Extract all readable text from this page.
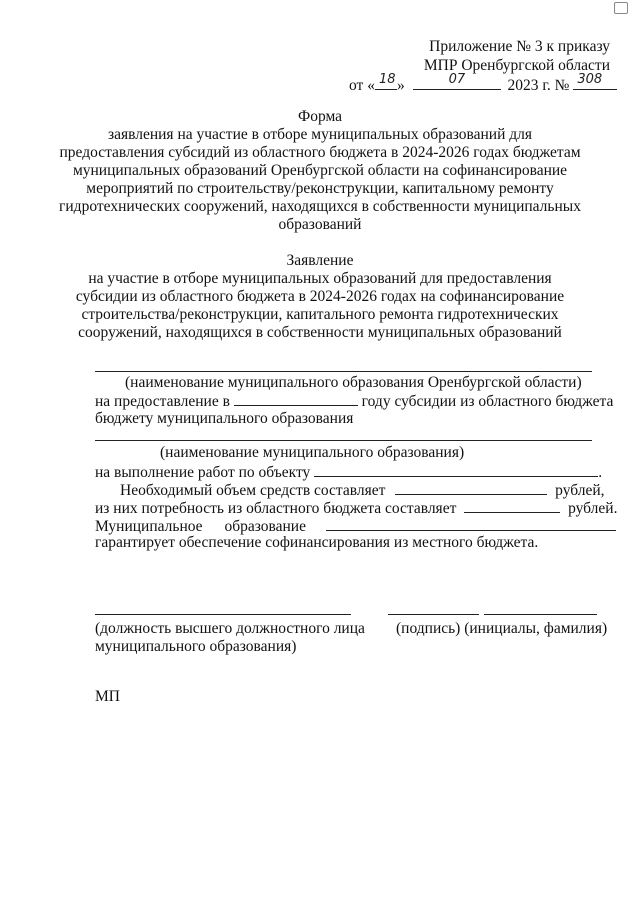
Приложение № 3 к приказу
МПР Оренбургской области
от « 18 »	07	2023 г. № 308
Форма
заявления на участие в отборе муниципальных образований для
предоставления субсидий из областного бюджета в 2024-2026 годах бюджетам
муниципальных образований Оренбургской области на софинансирование
мероприятий по строительству/реконструкции, капитальному ремонту
гидротехнических сооружений, находящихся в собственности муниципальных
образований
Заявление
на участие в отборе муниципальных образований для предоставления
субсидии из областного бюджета в 2024-2026 годах на софинансирование
строительства/реконструкции, капитального ремонта гидротехнических
сооружений, находящихся в собственности муниципальных образований
(наименование муниципального образования Оренбургской области)
на предоставление в	году субсидии из областного бюджета
бюджету муниципального образования
(наименование муниципального образования)
на выполнение работ по объекту	.
Необходимый объем средств составляет	рублей,
из них потребность из областного бюджета составляет	рублей.
Муниципальное образование
гарантирует обеспечение софинансирования из местного бюджета.
(должность высшего должностного лица (подпись) (инициалы, фамилия)
муниципального образования)
МП
